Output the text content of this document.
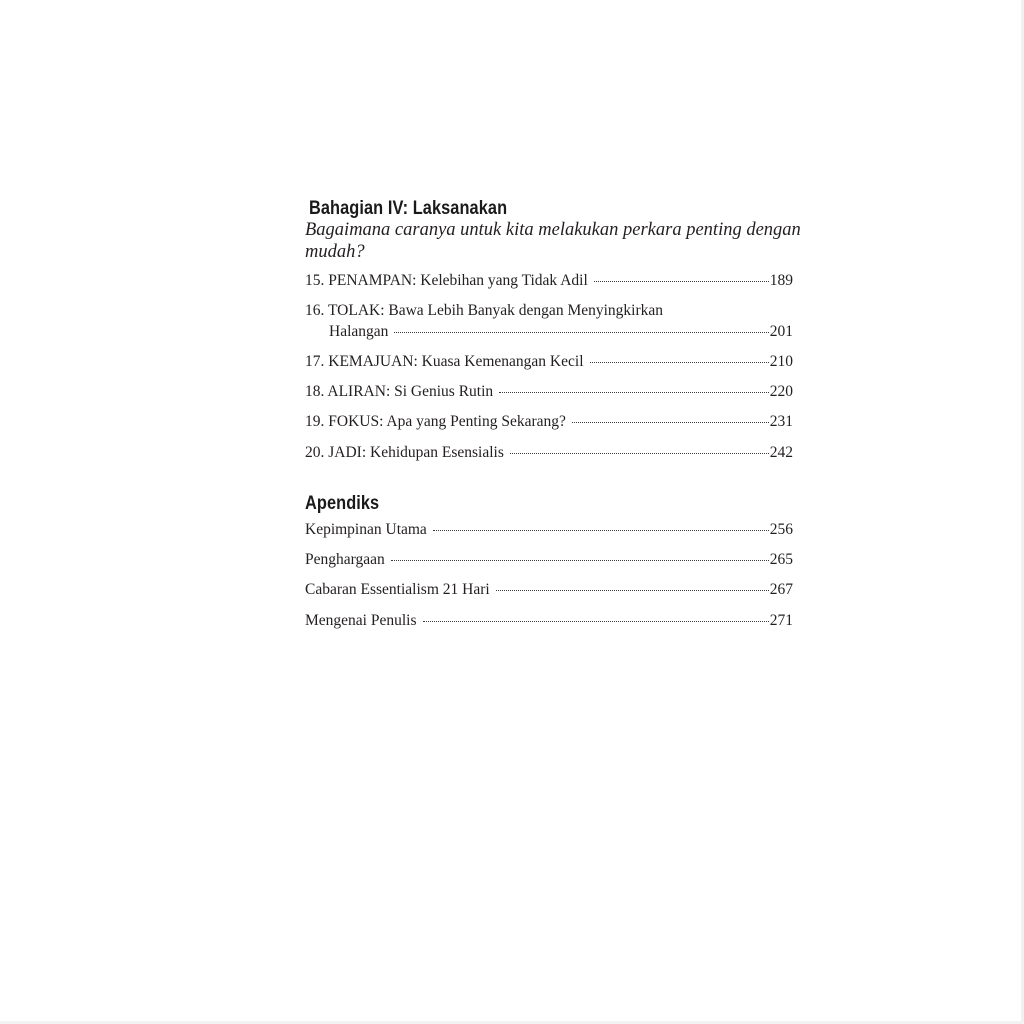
Bahagian IV: Laksanakan
Bagaimana caranya untuk kita melakukan perkara penting dengan
mudah?
15. PENAMPAN: Kelebihan yang Tidak Adil	189
16. TOLAK: Bawa Lebih Banyak dengan Menyingkirkan
Halangan	201
17. KEMAJUAN: Kuasa Kemenangan Kecil	210
18. ALIRAN: Si Genius Rutin	220
19. FOKUS: Apa yang Penting Sekarang?	231
20. JADI: Kehidupan Esensialis	242
Apendiks
Kepimpinan Utama	256
Penghargaan	265
Cabaran Essentialism 21 Hari	267
Mengenai Penulis	271
